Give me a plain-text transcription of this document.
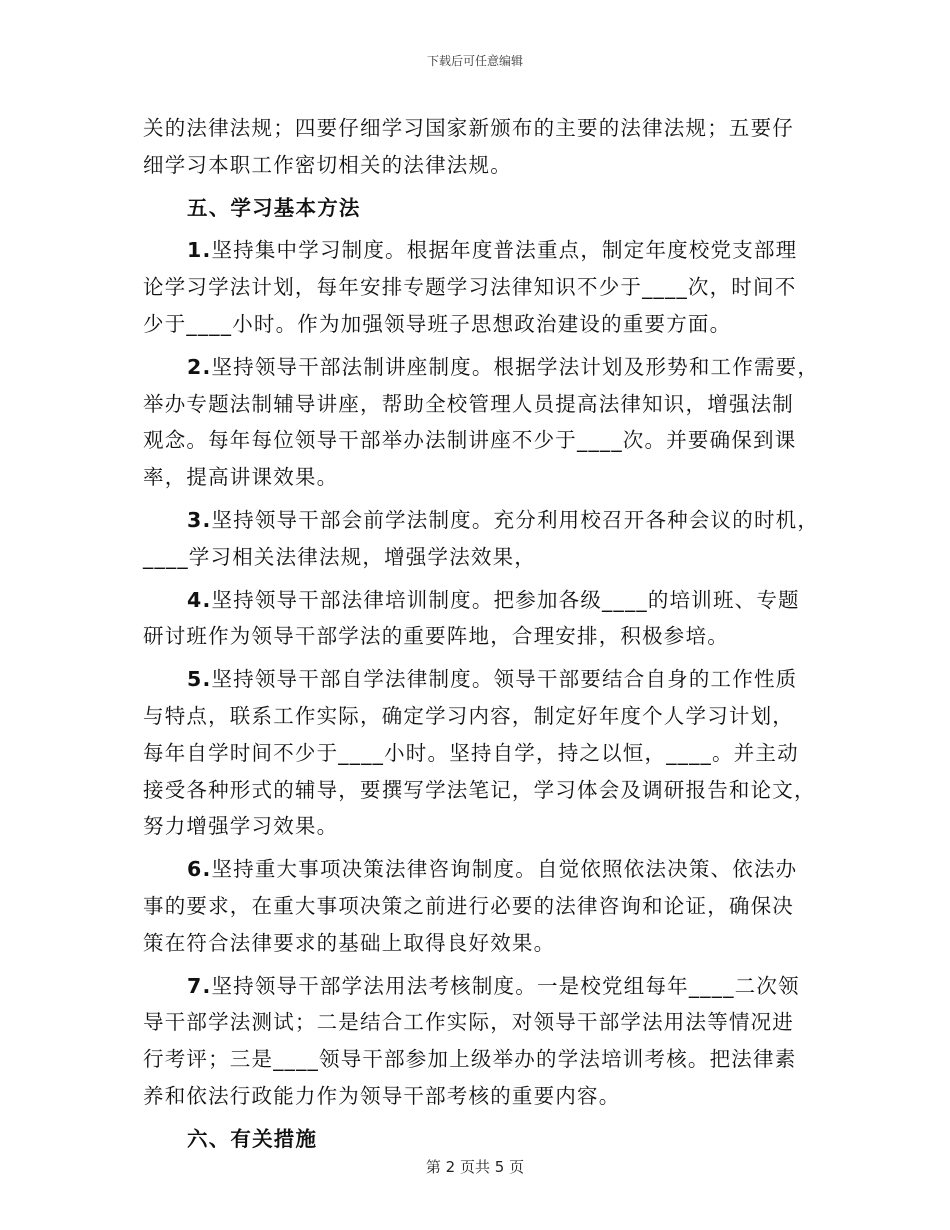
下载后可任意编辑

关的法律法规；四要仔细学习国家新颁布的主要的法律法规；五要仔

细学习本职工作密切相关的法律法规。

五、学习基本方法

1.坚持集中学习制度。根据年度普法重点，制定年度校党支部理

论学习学法计划，每年安排专题学习法律知识不少于____次，时间不

少于____小时。作为加强领导班子思想政治建设的重要方面。

2.坚持领导干部法制讲座制度。根据学法计划及形势和工作需要，

举办专题法制辅导讲座，帮助全校管理人员提高法律知识，增强法制

观念。每年每位领导干部举办法制讲座不少于____次。并要确保到课

率，提高讲课效果。

3.坚持领导干部会前学法制度。充分利用校召开各种会议的时机，

____学习相关法律法规，增强学法效果，

4.坚持领导干部法律培训制度。把参加各级____的培训班、专题

研讨班作为领导干部学法的重要阵地，合理安排，积极参培。

5.坚持领导干部自学法律制度。领导干部要结合自身的工作性质

与特点，联系工作实际，确定学习内容，制定好年度个人学习计划，

每年自学时间不少于____小时。坚持自学，持之以恒，____。并主动

接受各种形式的辅导，要撰写学法笔记，学习体会及调研报告和论文，

努力增强学习效果。

6.坚持重大事项决策法律咨询制度。自觉依照依法决策、依法办

事的要求，在重大事项决策之前进行必要的法律咨询和论证，确保决

策在符合法律要求的基础上取得良好效果。

7.坚持领导干部学法用法考核制度。一是校党组每年____二次领

导干部学法测试；二是结合工作实际，对领导干部学法用法等情况进

行考评；三是____领导干部参加上级举办的学法培训考核。把法律素

养和依法行政能力作为领导干部考核的重要内容。

六、有关措施

第 2 页共 5 页
